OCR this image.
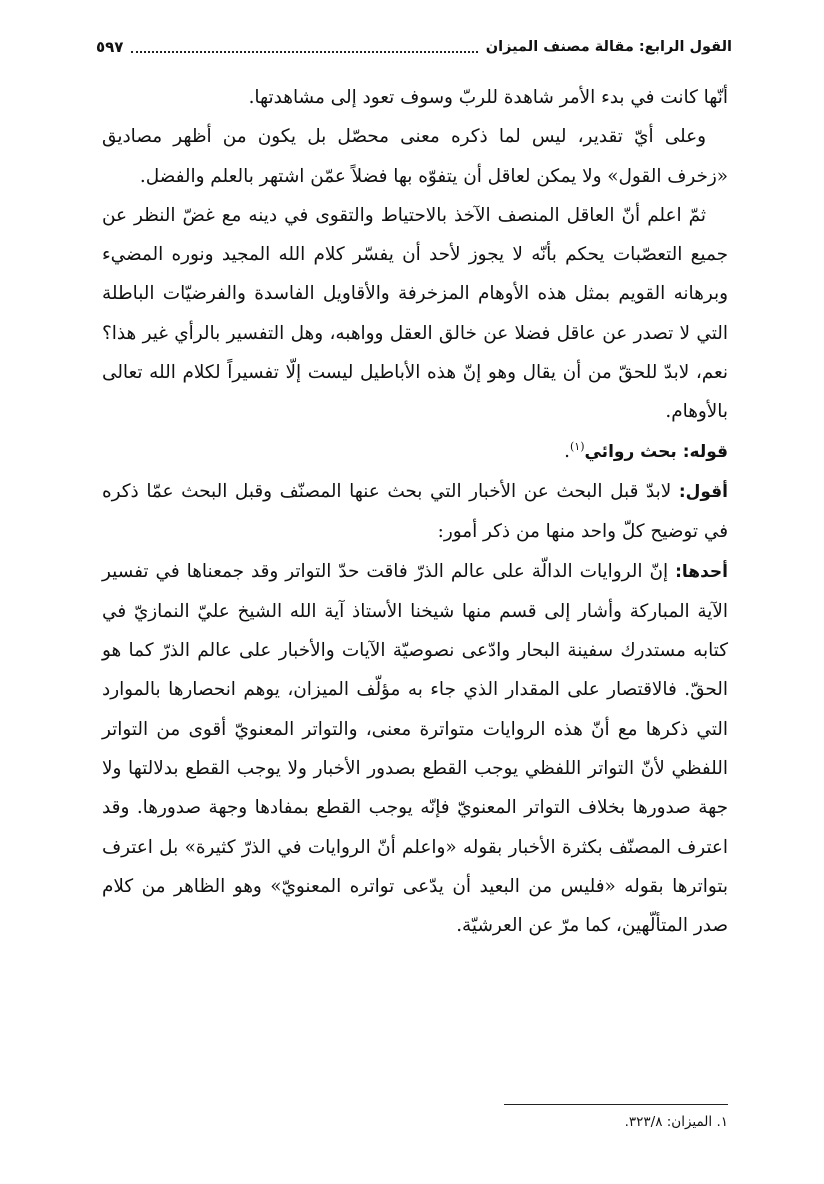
القول الرابع: مقالة مصنف الميزان
٥٩٧

أنّها كانت في بدء الأمر شاهدة للربّ وسوف تعود إلى مشاهدتها.

وعلى أيّ تقدير، ليس لما ذكره معنى محصّل بل يكون من أظهر مصاديق «زخرف القول» ولا يمكن لعاقل أن يتفوّه بها فضلاً عمّن اشتهر بالعلم والفضل.

ثمّ اعلم أنّ العاقل المنصف الآخذ بالاحتياط والتقوى في دينه مع غضّ النظر عن جميع التعصّبات يحكم بأنّه لا يجوز لأحد أن يفسّر كلام الله المجيد ونوره المضيء وبرهانه القويم بمثل هذه الأوهام المزخرفة والأقاويل الفاسدة والفرضيّات الباطلة التي لا تصدر عن عاقل فضلا عن خالق العقل وواهبه، وهل التفسير بالرأي غير هذا؟ نعم، لابدّ للحقّ من أن يقال وهو إنّ هذه الأباطيل ليست إلّا تفسيراً لكلام الله تعالى بالأوهام.

قوله: بحث روائي$^{(١)}$.

أقول: لابدّ قبل البحث عن الأخبار التي بحث عنها المصنّف وقبل البحث عمّا ذكره في توضيح كلّ واحد منها من ذكر أمور:

أحدها: إنّ الروايات الدالّة على عالم الذرّ فاقت حدّ التواتر وقد جمعناها في تفسير الآية المباركة وأشار إلى قسم منها شيخنا الأستاذ آية الله الشيخ عليّ النمازيّ في كتابه مستدرك سفينة البحار وادّعى نصوصيّة الآيات والأخبار على عالم الذرّ كما هو الحقّ. فالاقتصار على المقدار الذي جاء به مؤلّف الميزان، يوهم انحصارها بالموارد التي ذكرها مع أنّ هذه الروايات متواترة معنى، والتواتر المعنويّ أقوى من التواتر اللفظي لأنّ التواتر اللفظي يوجب القطع بصدور الأخبار ولا يوجب القطع بدلالتها ولا جهة صدورها بخلاف التواتر المعنويّ فإنّه يوجب القطع بمفادها وجهة صدورها. وقد اعترف المصنّف بكثرة الأخبار بقوله «واعلم أنّ الروايات في الذرّ كثيرة» بل اعترف بتواترها بقوله «فليس من البعيد أن يدّعى تواتره المعنويّ» وهو الظاهر من كلام صدر المتألّهين، كما مرّ عن العرشيّة.

١. الميزان: ٣٢٣/٨.
